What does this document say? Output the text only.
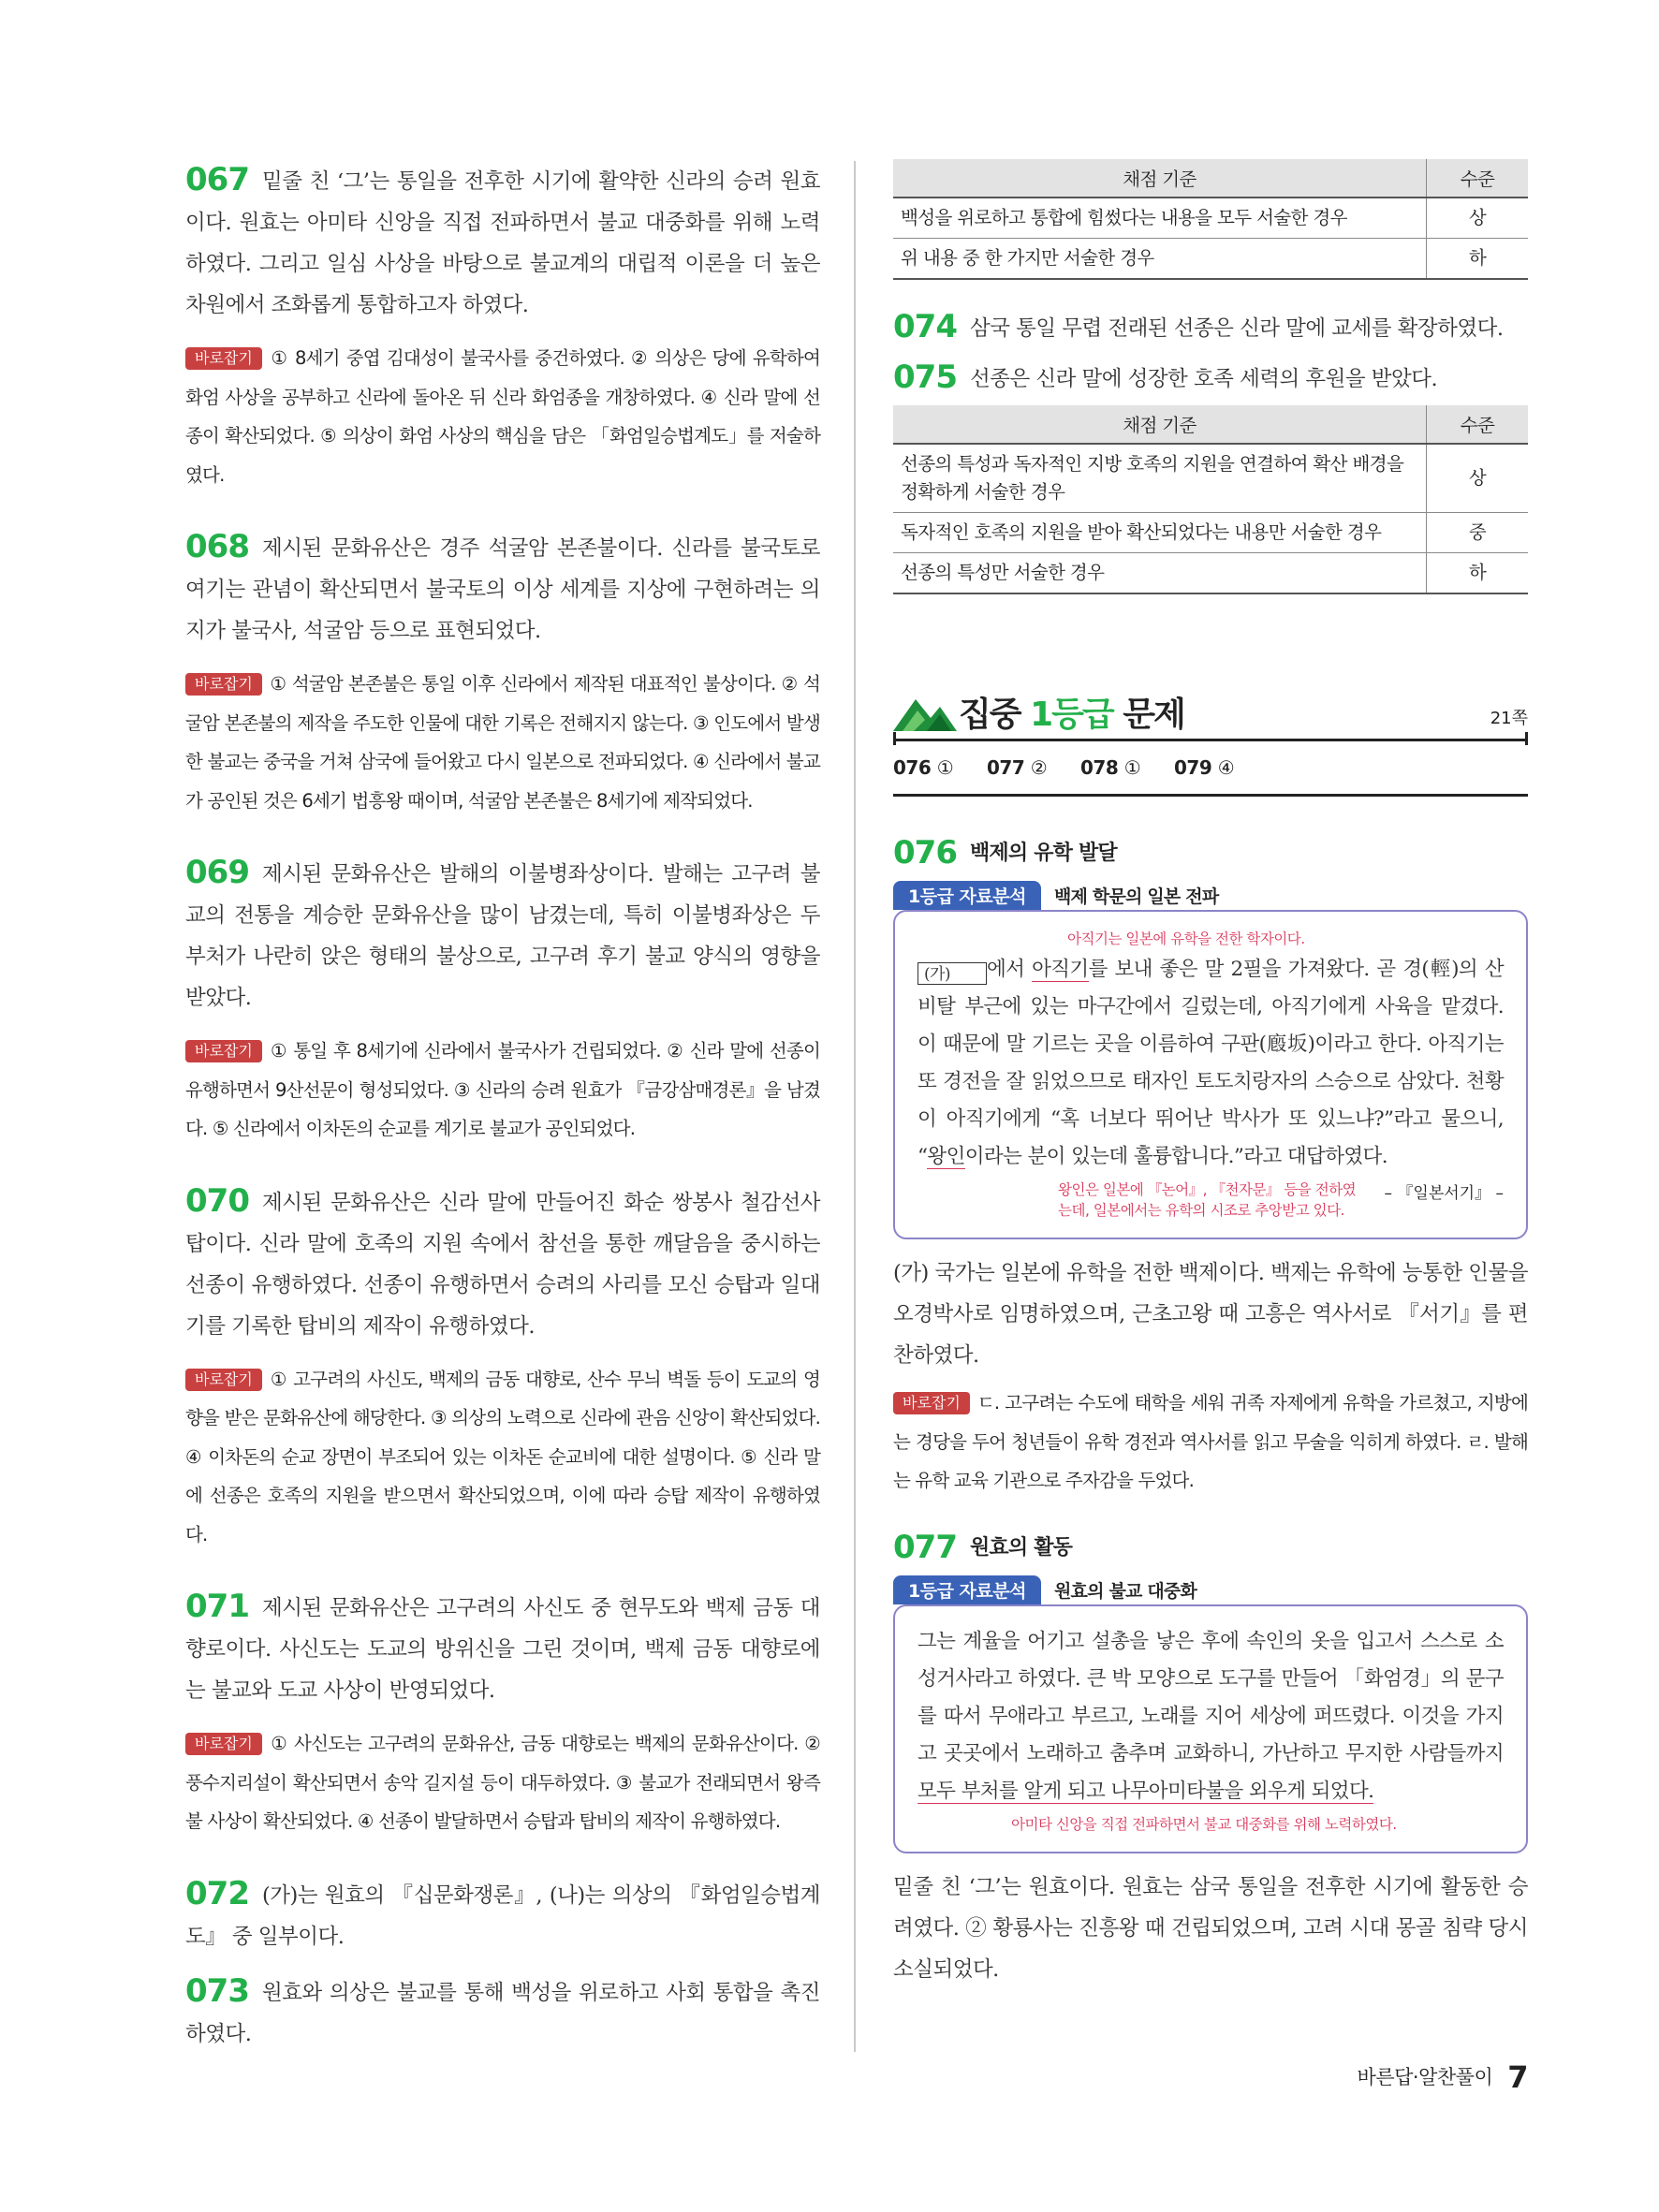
067 밑줄 친 ‘그’는 통일을 전후한 시기에 활약한 신라의 승려 원효이다. 원효는 아미타 신앙을 직접 전파하면서 불교 대중화를 위해 노력하였다. 그리고 일심 사상을 바탕으로 불교계의 대립적 이론을 더 높은 차원에서 조화롭게 통합하고자 하였다.

바로잡기 ① 8세기 중엽 김대성이 불국사를 중건하였다. ② 의상은 당에 유학하여 화엄 사상을 공부하고 신라에 돌아온 뒤 신라 화엄종을 개창하였다. ④ 신라 말에 선종이 확산되었다. ⑤ 의상이 화엄 사상의 핵심을 담은 「화엄일승법계도」를 저술하였다.

068 제시된 문화유산은 경주 석굴암 본존불이다. 신라를 불국토로 여기는 관념이 확산되면서 불국토의 이상 세계를 지상에 구현하려는 의지가 불국사, 석굴암 등으로 표현되었다.

바로잡기 ① 석굴암 본존불은 통일 이후 신라에서 제작된 대표적인 불상이다. ② 석굴암 본존불의 제작을 주도한 인물에 대한 기록은 전해지지 않는다. ③ 인도에서 발생한 불교는 중국을 거쳐 삼국에 들어왔고 다시 일본으로 전파되었다. ④ 신라에서 불교가 공인된 것은 6세기 법흥왕 때이며, 석굴암 본존불은 8세기에 제작되었다.

069 제시된 문화유산은 발해의 이불병좌상이다. 발해는 고구려 불교의 전통을 계승한 문화유산을 많이 남겼는데, 특히 이불병좌상은 두 부처가 나란히 앉은 형태의 불상으로, 고구려 후기 불교 양식의 영향을 받았다.

바로잡기 ① 통일 후 8세기에 신라에서 불국사가 건립되었다. ② 신라 말에 선종이 유행하면서 9산선문이 형성되었다. ③ 신라의 승려 원효가 『금강삼매경론』을 남겼다. ⑤ 신라에서 이차돈의 순교를 계기로 불교가 공인되었다.

070 제시된 문화유산은 신라 말에 만들어진 화순 쌍봉사 철감선사탑이다. 신라 말에 호족의 지원 속에서 참선을 통한 깨달음을 중시하는 선종이 유행하였다. 선종이 유행하면서 승려의 사리를 모신 승탑과 일대기를 기록한 탑비의 제작이 유행하였다.

바로잡기 ① 고구려의 사신도, 백제의 금동 대향로, 산수 무늬 벽돌 등이 도교의 영향을 받은 문화유산에 해당한다. ③ 의상의 노력으로 신라에 관음 신앙이 확산되었다. ④ 이차돈의 순교 장면이 부조되어 있는 이차돈 순교비에 대한 설명이다. ⑤ 신라 말에 선종은 호족의 지원을 받으면서 확산되었으며, 이에 따라 승탑 제작이 유행하였다.

071 제시된 문화유산은 고구려의 사신도 중 현무도와 백제 금동 대향로이다. 사신도는 도교의 방위신을 그린 것이며, 백제 금동 대향로에는 불교와 도교 사상이 반영되었다.

바로잡기 ① 사신도는 고구려의 문화유산, 금동 대향로는 백제의 문화유산이다. ② 풍수지리설이 확산되면서 송악 길지설 등이 대두하였다. ③ 불교가 전래되면서 왕즉불 사상이 확산되었다. ④ 선종이 발달하면서 승탑과 탑비의 제작이 유행하였다.

072 (가)는 원효의 『십문화쟁론』, (나)는 의상의 『화엄일승법계도』 중 일부이다.

073 원효와 의상은 불교를 통해 백성을 위로하고 사회 통합을 촉진하였다.

채점 기준	수준
백성을 위로하고 통합에 힘썼다는 내용을 모두 서술한 경우	상
위 내용 중 한 가지만 서술한 경우	하

074 삼국 통일 무렵 전래된 선종은 신라 말에 교세를 확장하였다.

075 선종은 신라 말에 성장한 호족 세력의 후원을 받았다.

채점 기준	수준
선종의 특성과 독자적인 지방 호족의 지원을 연결하여 확산 배경을 정확하게 서술한 경우	상
독자적인 호족의 지원을 받아 확산되었다는 내용만 서술한 경우	중
선종의 특성만 서술한 경우	하
집중 1등급 문제	21쪽
076 ① 077 ② 078 ① 079 ④
076 백제의 유학 발달
1등급 자료분석 백제 학문의 일본 전파
아직기는 일본에 유학을 전한 학자이다.

(가) 에서 아직기를 보내 좋은 말 2필을 가져왔다. 곧 경(輕)의 산비탈 부근에 있는 마구간에서 길렀는데, 아직기에게 사육을 맡겼다. 이 때문에 말 기르는 곳을 이름하여 구판(廏坂)이라고 한다. 아직기는 또 경전을 잘 읽었으므로 태자인 토도치랑자의 스승으로 삼았다. 천황이 아직기에게 “혹 너보다 뛰어난 박사가 또 있느냐?”라고 물으니, “왕인이라는 분이 있는데 훌륭합니다.”라고 대답하였다.

왕인은 일본에 『논어』, 『천자문』 등을 전하였는데, 일본에서는 유학의 시조로 추앙받고 있다.
– 『일본서기』 –

(가) 국가는 일본에 유학을 전한 백제이다. 백제는 유학에 능통한 인물을 오경박사로 임명하였으며, 근초고왕 때 고흥은 역사서로 『서기』를 편찬하였다.

바로잡기 ㄷ. 고구려는 수도에 태학을 세워 귀족 자제에게 유학을 가르쳤고, 지방에는 경당을 두어 청년들이 유학 경전과 역사서를 읽고 무술을 익히게 하였다. ㄹ. 발해는 유학 교육 기관으로 주자감을 두었다.

077 원효의 활동
1등급 자료분석 원효의 불교 대중화

그는 계율을 어기고 설총을 낳은 후에 속인의 옷을 입고서 스스로 소성거사라고 하였다. 큰 박 모양으로 도구를 만들어 「화엄경」의 문구를 따서 무애라고 부르고, 노래를 지어 세상에 퍼뜨렸다. 이것을 가지고 곳곳에서 노래하고 춤추며 교화하니, 가난하고 무지한 사람들까지 모두 부처를 알게 되고 나무아미타불을 외우게 되었다.

아미타 신앙을 직접 전파하면서 불교 대중화를 위해 노력하였다.

밑줄 친 ‘그’는 원효이다. 원효는 삼국 통일을 전후한 시기에 활동한 승려였다. ② 황룡사는 진흥왕 때 건립되었으며, 고려 시대 몽골 침략 당시 소실되었다.

바른답·알찬풀이 7
